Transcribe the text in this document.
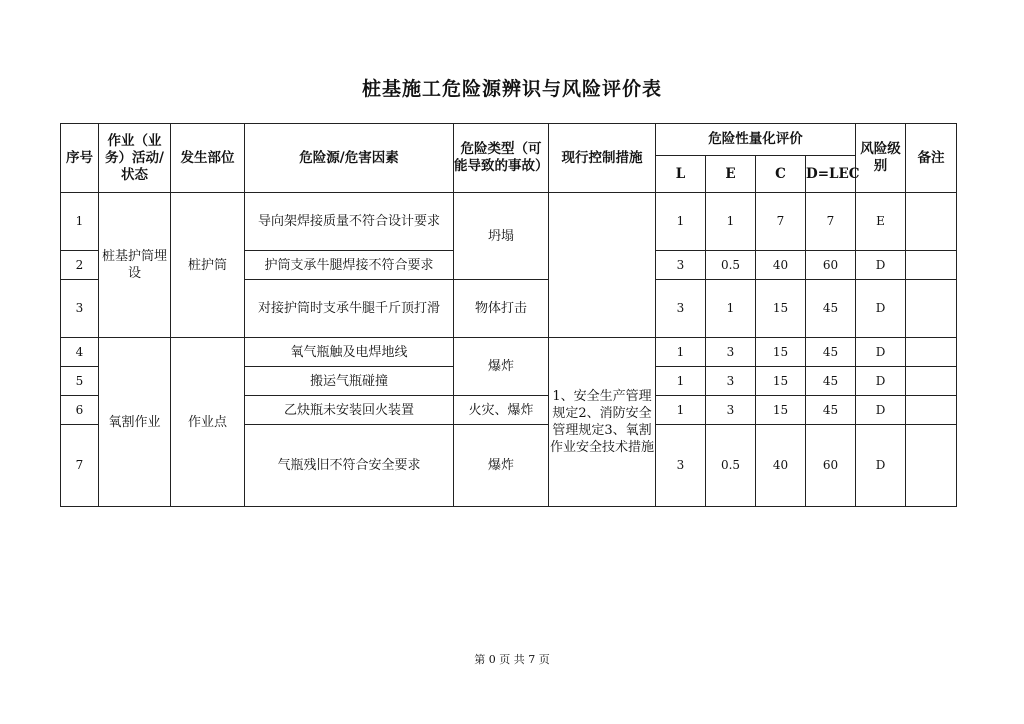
桩基施工危险源辨识与风险评价表
序号	作业（业务）活动/状态	发生部位	危险源/危害因素	危险类型（可能导致的事故）	现行控制措施	危险性量化评价				风险级别	备注
						L	E	C	D=LEC		
1	桩基护筒埋设	桩护筒	导向架焊接质量不符合设计要求	坍塌		1	1	7	7	E	
2			护筒支承牛腿焊接不符合要求			3	0.5	40	60	D	
3			对接护筒时支承牛腿千斤顶打滑	物体打击		3	1	15	45	D	
4	氧割作业	作业点	氧气瓶触及电焊地线	爆炸	1、安全生产管理规定2、消防安全管理规定3、氧割作业安全技术措施	1	3	15	45	D	
5			搬运气瓶碰撞			1	3	15	45	D	
6			乙炔瓶未安装回火装置	火灾、爆炸		1	3	15	45	D	
7			气瓶残旧不符合安全要求	爆炸		3	0.5	40	60	D	
第 0 页 共 7 页
